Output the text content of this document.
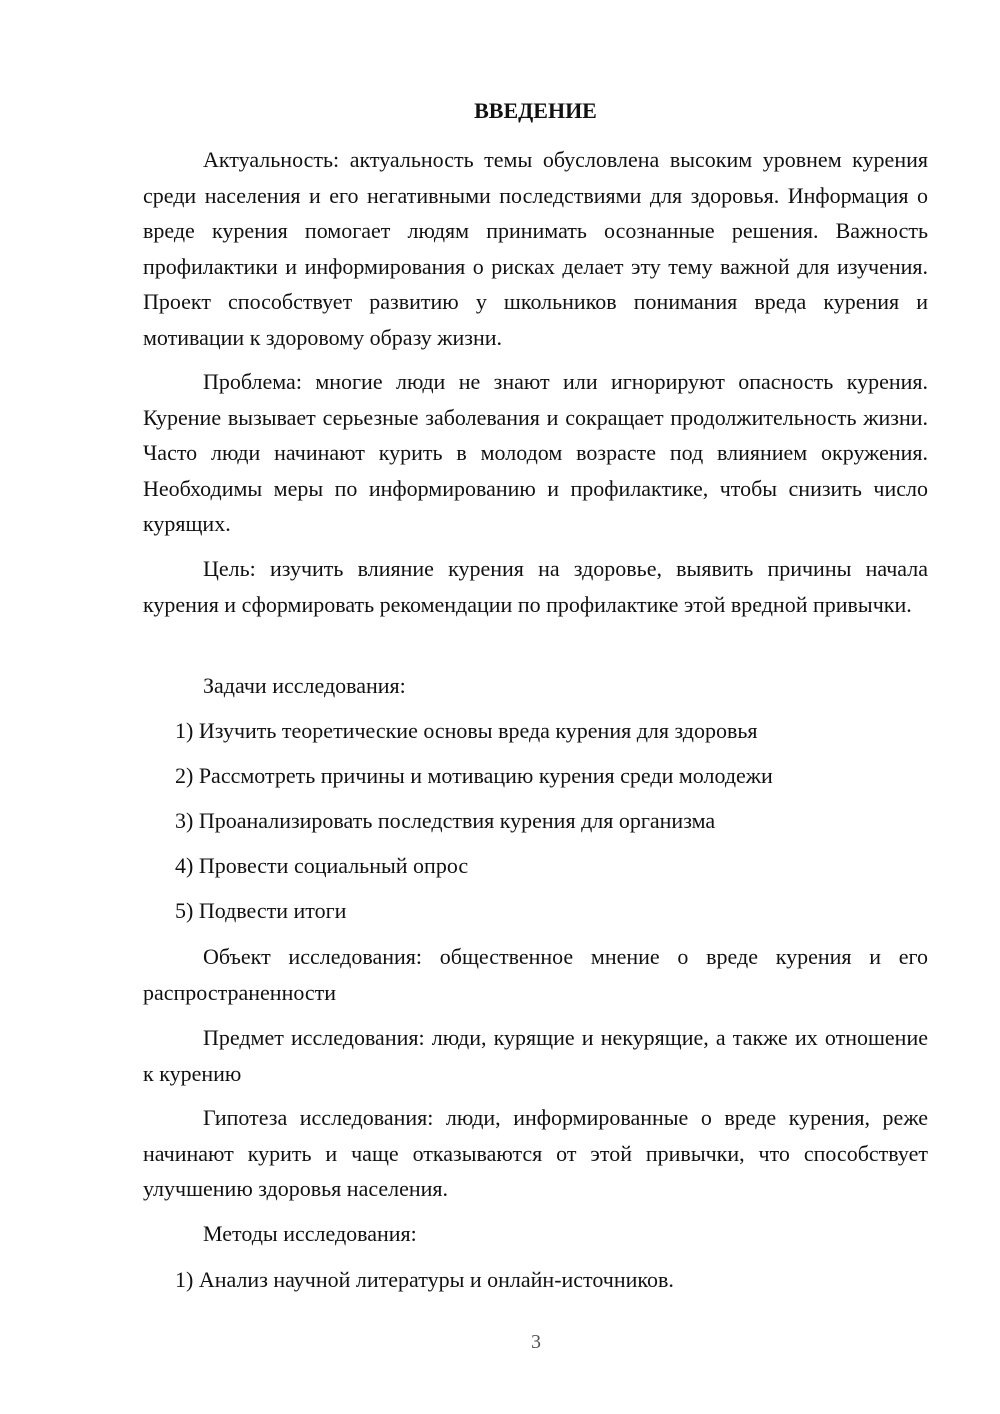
ВВЕДЕНИЕ

Актуальность: актуальность темы обусловлена высоким уровнем курения среди населения и его негативными последствиями для здоровья. Информация о вреде курения помогает людям принимать осознанные решения. Важность профилактики и информирования о рисках делает эту тему важной для изучения. Проект способствует развитию у школьников понимания вреда курения и мотивации к здоровому образу жизни.

Проблема: многие люди не знают или игнорируют опасность курения. Курение вызывает серьезные заболевания и сокращает продолжительность жизни. Часто люди начинают курить в молодом возрасте под влиянием окружения. Необходимы меры по информированию и профилактике, чтобы снизить число курящих.

Цель: изучить влияние курения на здоровье, выявить причины начала курения и сформировать рекомендации по профилактике этой вредной привычки.

Задачи исследования:

1) Изучить теоретические основы вреда курения для здоровья

2) Рассмотреть причины и мотивацию курения среди молодежи

3) Проанализировать последствия курения для организма

4) Провести социальный опрос

5) Подвести итоги

Объект исследования: общественное мнение о вреде курения и его распространенности

Предмет исследования: люди, курящие и некурящие, а также их отношение к курению

Гипотеза исследования: люди, информированные о вреде курения, реже начинают курить и чаще отказываются от этой привычки, что способствует улучшению здоровья населения.

Методы исследования:

1) Анализ научной литературы и онлайн-источников.

3
